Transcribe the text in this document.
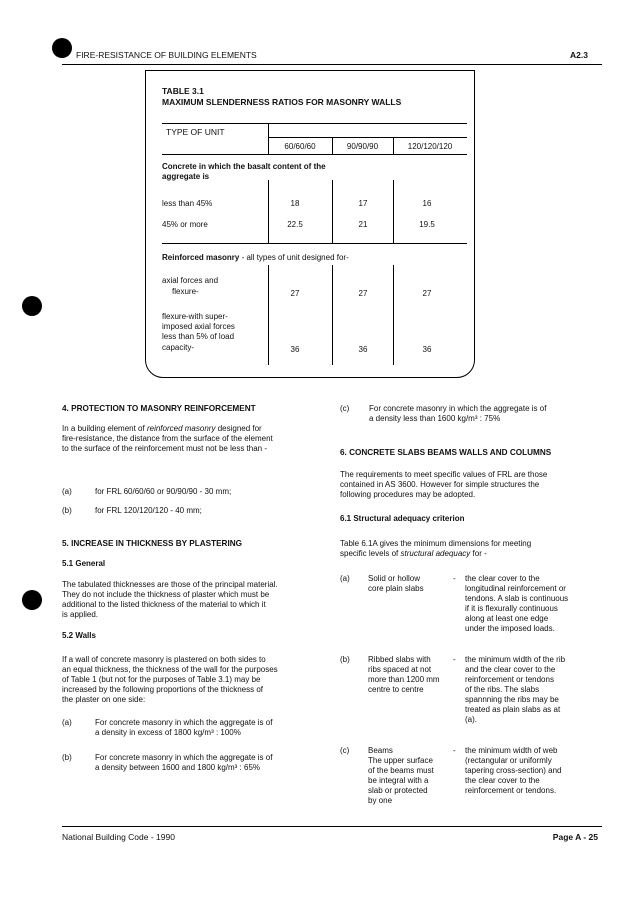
FIRE-RESISTANCE OF BUILDING ELEMENTS	A2.3
TABLE 3.1
MAXIMUM SLENDERNESS RATIOS FOR MASONRY WALLS
TYPE OF UNIT
60/60/60	90/90/90	120/120/120
Concrete in which the basalt content of the aggregate is
less than 45%	18	17	16
45% or more	22.5	21	19.5
Reinforced masonry - all types of unit designed for-
axial forces and
flexure-	27	27	27
flexure-with super-
imposed axial forces
less than 5% of load
capacity-	36	36	36
4. PROTECTION TO MASONRY REINFORCEMENT
In a building element of reinforced masonry designed for
fire-resistance, the distance from the surface of the element
to the surface of the reinforcement must not be less than -
(a)	for FRL 60/60/60 or 90/90/90 - 30 mm;
(b)	for FRL 120/120/120 - 40 mm;
5. INCREASE IN THICKNESS BY PLASTERING
5.1 General
The tabulated thicknesses are those of the principal material.
They do not include the thickness of plaster which must be
additional to the listed thickness of the material to which it
is applied.
5.2 Walls
If a wall of concrete masonry is plastered on both sides to
an equal thickness, the thickness of the wall for the purposes
of Table 1 (but not for the purposes of Table 3.1) may be
increased by the following proportions of the thickness of
the plaster on one side:
(a)	For concrete masonry in which the aggregate is of
a density in excess of 1800 kg/m³ : 100%
(b)	For concrete masonry in which the aggregate is of
a density between 1600 and 1800 kg/m³ : 65%
(c) For concrete masonry in which the aggregate is of
a density less than 1600 kg/m³ : 75%
6. CONCRETE SLABS BEAMS WALLS AND COLUMNS
The requirements to meet specific values of FRL are those
contained in AS 3600. However for simple structures the
following procedures may be adopted.
6.1 Structural adequacy criterion
Table 6.1A gives the minimum dimensions for meeting
specific levels of structural adequacy for -
(a) Solid or hollow
core plain slabs
- the clear cover to the
longitudinal reinforcement or
tendons. A slab is continuous
if it is flexurally continuous
along at least one edge
under the imposed loads.
(b) Ribbed slabs with
ribs spaced at not
more than 1200 mm
centre to centre
- the minimum width of the rib
and the clear cover to the
reinforcement or tendons
of the ribs. The slabs
spannning the ribs may be
treated as plain slabs as at
(a).
(c) Beams
The upper surface
of the beams must
be integral with a
slab or protected
by one
- the minimum width of web
(rectangular or uniformly
tapering cross-section) and
the clear cover to the
reinforcement or tendons.
National Building Code - 1990	Page A - 25
